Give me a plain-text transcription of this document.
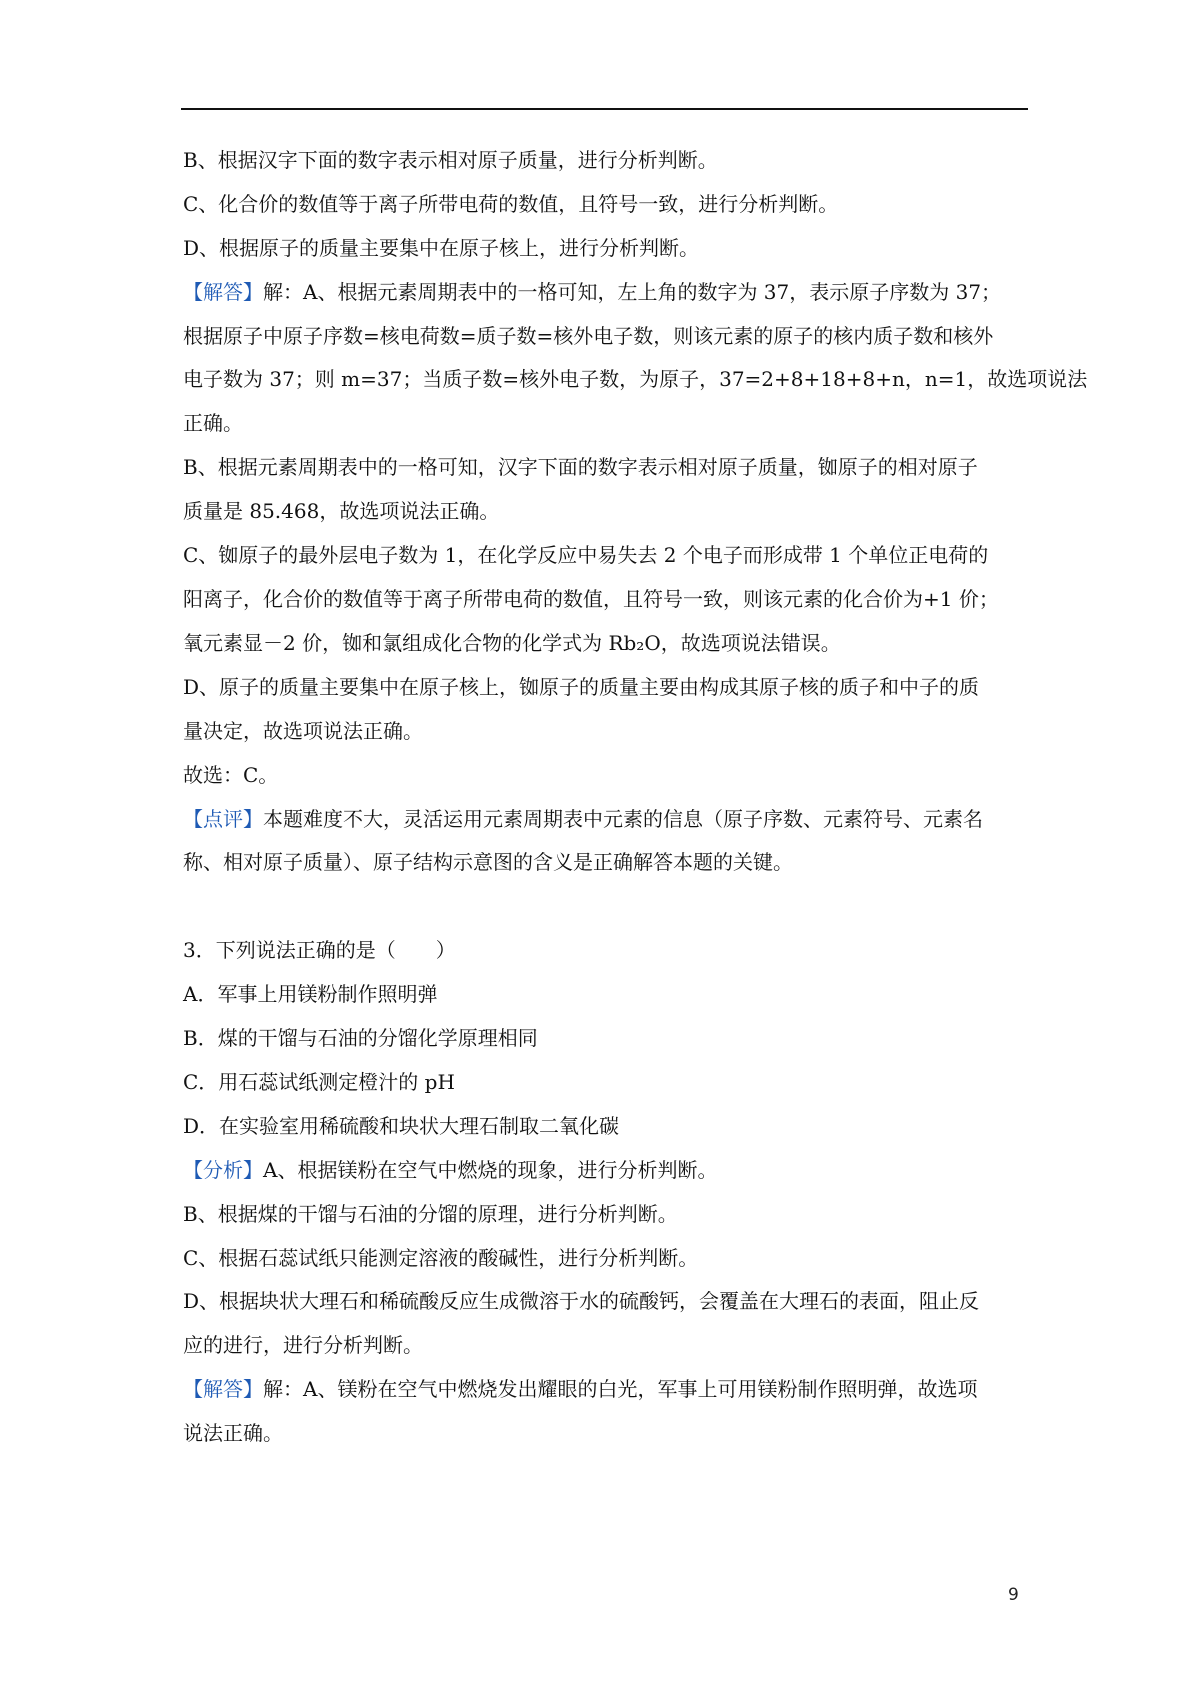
B、根据汉字下面的数字表示相对原子质量，进行分析判断。
C、化合价的数值等于离子所带电荷的数值，且符号一致，进行分析判断。
D、根据原子的质量主要集中在原子核上，进行分析判断。
【解答】解：A、根据元素周期表中的一格可知，左上角的数字为 37，表示原子序数为 37；
根据原子中原子序数=核电荷数=质子数=核外电子数，则该元素的原子的核内质子数和核外
电子数为 37；则 m=37；当质子数=核外电子数，为原子，37=2+8+18+8+n，n=1，故选项说法
正确。
B、根据元素周期表中的一格可知，汉字下面的数字表示相对原子质量，铷原子的相对原子
质量是 85.468，故选项说法正确。
C、铷原子的最外层电子数为 1，在化学反应中易失去 2 个电子而形成带 1 个单位正电荷的
阳离子，化合价的数值等于离子所带电荷的数值，且符号一致，则该元素的化合价为+1 价；
氧元素显－2 价，铷和氯组成化合物的化学式为 Rb₂O，故选项说法错误。
D、原子的质量主要集中在原子核上，铷原子的质量主要由构成其原子核的质子和中子的质
量决定，故选项说法正确。
故选：C。
【点评】本题难度不大，灵活运用元素周期表中元素的信息（原子序数、元素符号、元素名
称、相对原子质量）、原子结构示意图的含义是正确解答本题的关键。
3．下列说法正确的是（　　）
A．军事上用镁粉制作照明弹
B．煤的干馏与石油的分馏化学原理相同
C．用石蕊试纸测定橙汁的 pH
D．在实验室用稀硫酸和块状大理石制取二氧化碳
【分析】A、根据镁粉在空气中燃烧的现象，进行分析判断。
B、根据煤的干馏与石油的分馏的原理，进行分析判断。
C、根据石蕊试纸只能测定溶液的酸碱性，进行分析判断。
D、根据块状大理石和稀硫酸反应生成微溶于水的硫酸钙，会覆盖在大理石的表面，阻止反
应的进行，进行分析判断。
【解答】解：A、镁粉在空气中燃烧发出耀眼的白光，军事上可用镁粉制作照明弹，故选项
说法正确。
9
